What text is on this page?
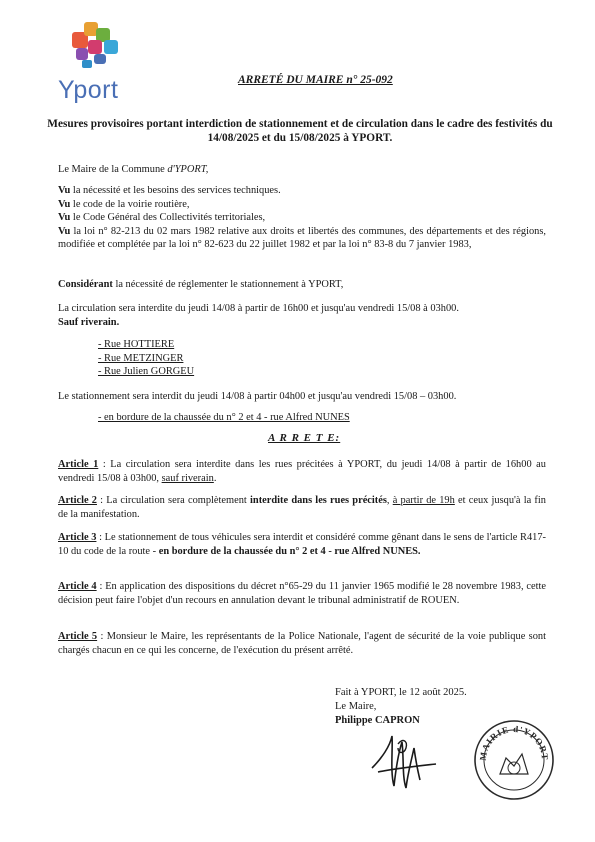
Yport	ARRETÉ DU MAIRE n° 25-092
Mesures provisoires portant interdiction de stationnement et de circulation dans le cadre des festivités du 14/08/2025 et du 15/08/2025 à YPORT.
Le Maire de la Commune d'YPORT,
Vu la nécessité et les besoins des services techniques.
Vu le code de la voirie routière,
Vu le Code Général des Collectivités territoriales,
Vu la loi n° 82-213 du 02 mars 1982 relative aux droits et libertés des communes, des départements et des régions, modifiée et complétée par la loi n° 82-623 du 22 juillet 1982 et par la loi n° 83-8 du 7 janvier 1983,
Considérant la nécessité de réglementer le stationnement à YPORT,
La circulation sera interdite du jeudi 14/08 à partir de 16h00 et jusqu'au vendredi 15/08 à 03h00.
Sauf riverain.
- Rue HOTTIERE
- Rue METZINGER
- Rue Julien GORGEU
Le stationnement sera interdit du jeudi 14/08 à partir 04h00 et jusqu'au vendredi 15/08 – 03h00.
- en bordure de la chaussée du n° 2 et 4 - rue Alfred NUNES
A R R E T E:
Article 1 : La circulation sera interdite dans les rues précitées à YPORT, du jeudi 14/08 à partir de 16h00 au vendredi 15/08 à 03h00, sauf riverain.
Article 2 : La circulation sera complètement interdite dans les rues précités, à partir de 19h et ceux jusqu'à la fin de la manifestation.
Article 3 : Le stationnement de tous véhicules sera interdit et considéré comme gênant dans le sens de l'article R417-10 du code de la route - en bordure de la chaussée du n° 2 et 4 - rue Alfred NUNES.
Article 4 : En application des dispositions du décret n°65-29 du 11 janvier 1965 modifié le 28 novembre 1983, cette décision peut faire l'objet d'un recours en annulation devant le tribunal administratif de ROUEN.
Article 5 : Monsieur le Maire, les représentants de la Police Nationale, l'agent de sécurité de la voie publique sont chargés chacun en ce qui les concerne, de l'exécution du présent arrêté.
Fait à YPORT, le 12 août 2025.
Le Maire,
Philippe CAPRON
MAIRIE d'YPORT
